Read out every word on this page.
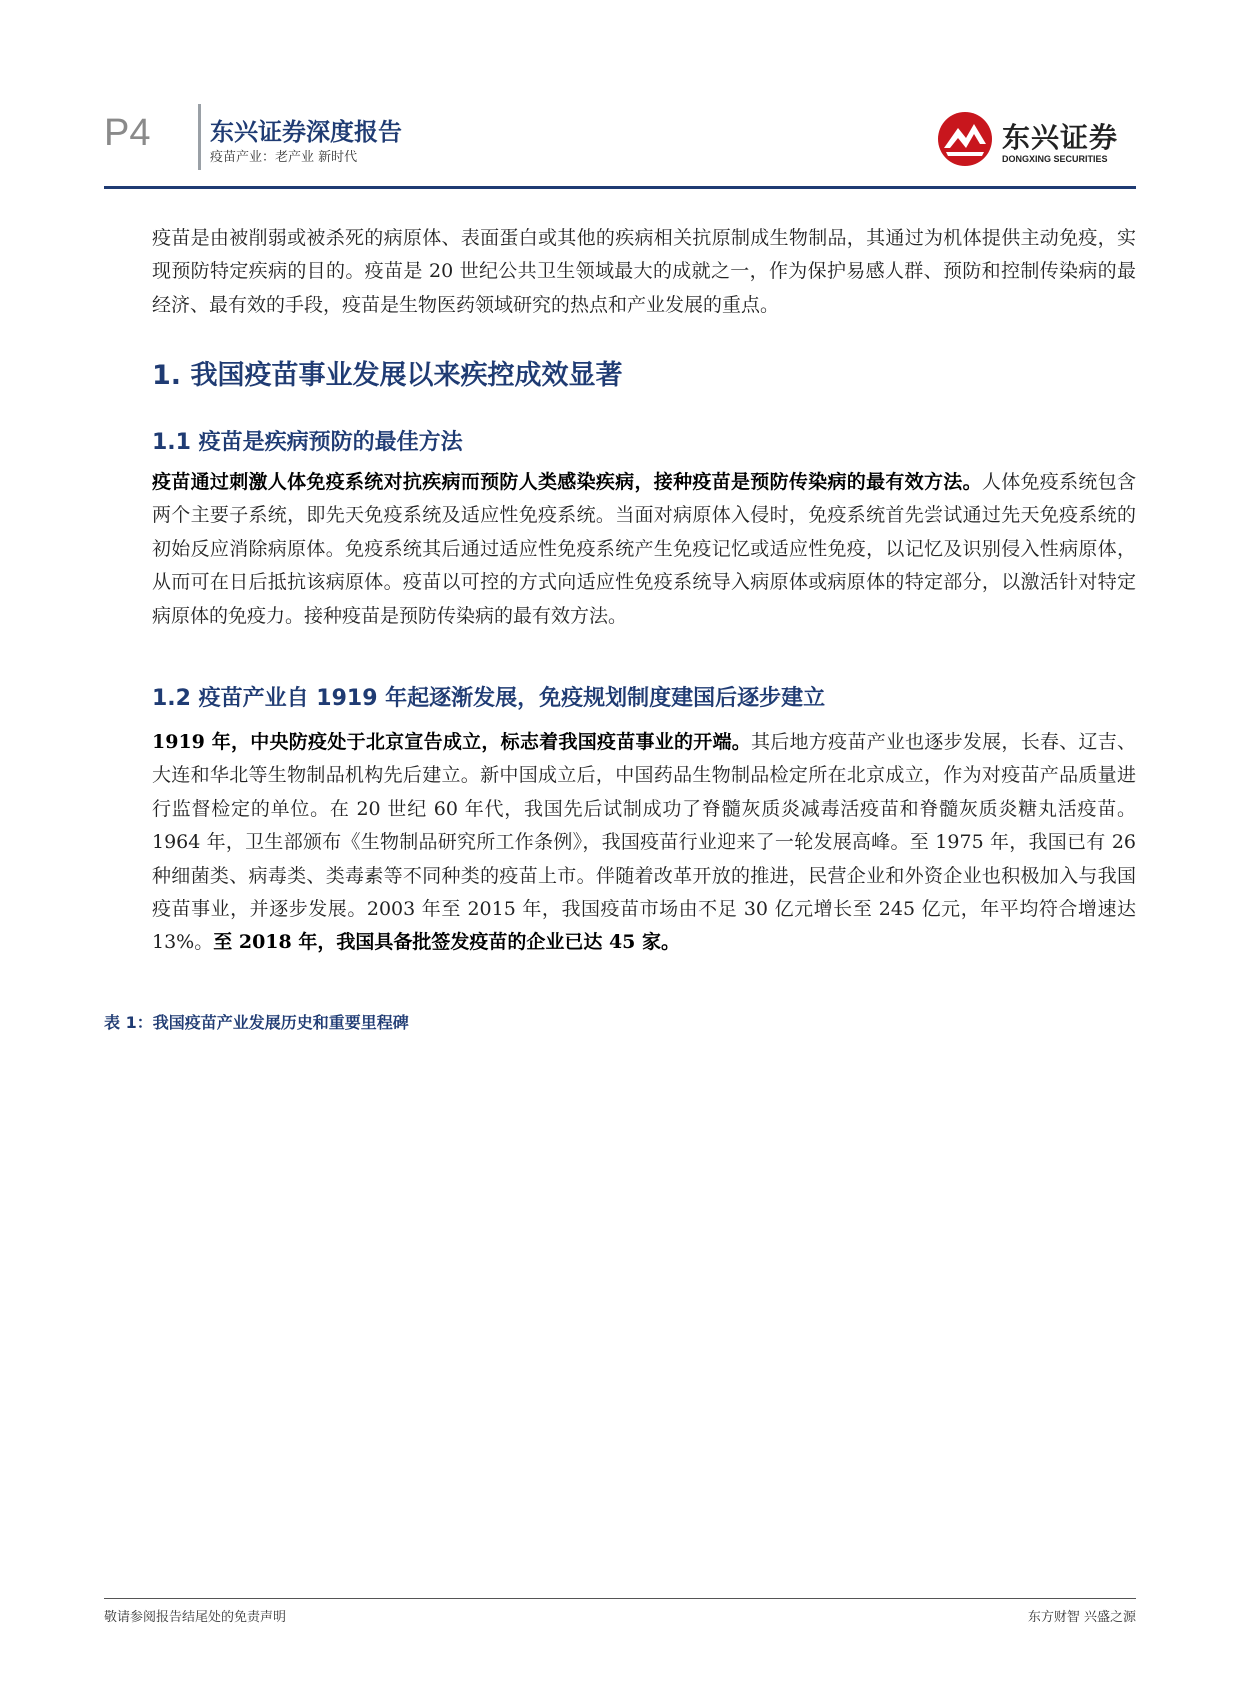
P4 东兴证券深度报告
疫苗产业：老产业 新时代
东兴证券
DONGXING SECURITIES

疫苗是由被削弱或被杀死的病原体、表面蛋白或其他的疾病相关抗原制成生物制品，其通过为机体提供主动免疫，实现预防特定疾病的目的。疫苗是 20 世纪公共卫生领域最大的成就之一，作为保护易感人群、预防和控制传染病的最经济、最有效的手段，疫苗是生物医药领域研究的热点和产业发展的重点。

1. 我国疫苗事业发展以来疾控成效显著
1.1 疫苗是疾病预防的最佳方法

疫苗通过刺激人体免疫系统对抗疾病而预防人类感染疾病，接种疫苗是预防传染病的最有效方法。人体免疫系统包含两个主要子系统，即先天免疫系统及适应性免疫系统。当面对病原体入侵时，免疫系统首先尝试通过先天免疫系统的初始反应消除病原体。免疫系统其后通过适应性免疫系统产生免疫记忆或适应性免疫，以记忆及识别侵入性病原体，从而可在日后抵抗该病原体。疫苗以可控的方式向适应性免疫系统导入病原体或病原体的特定部分，以激活针对特定病原体的免疫力。接种疫苗是预防传染病的最有效方法。

1.2 疫苗产业自 1919 年起逐渐发展，免疫规划制度建国后逐步建立

1919 年，中央防疫处于北京宣告成立，标志着我国疫苗事业的开端。其后地方疫苗产业也逐步发展，长春、辽吉、大连和华北等生物制品机构先后建立。新中国成立后，中国药品生物制品检定所在北京成立，作为对疫苗产品质量进行监督检定的单位。在 20 世纪 60 年代，我国先后试制成功了脊髓灰质炎减毒活疫苗和脊髓灰质炎糖丸活疫苗。1964 年，卫生部颁布《生物制品研究所工作条例》，我国疫苗行业迎来了一轮发展高峰。至 1975 年，我国已有 26 种细菌类、病毒类、类毒素等不同种类的疫苗上市。伴随着改革开放的推进，民营企业和外资企业也积极加入与我国疫苗事业，并逐步发展。2003 年至 2015 年，我国疫苗市场由不足 30 亿元增长至 245 亿元，年平均符合增速达 13%。至 2018 年，我国具备批签发疫苗的企业已达 45 家。

表 1：我国疫苗产业发展历史和重要里程碑
敬请参阅报告结尾处的免责声明	东方财智 兴盛之源
